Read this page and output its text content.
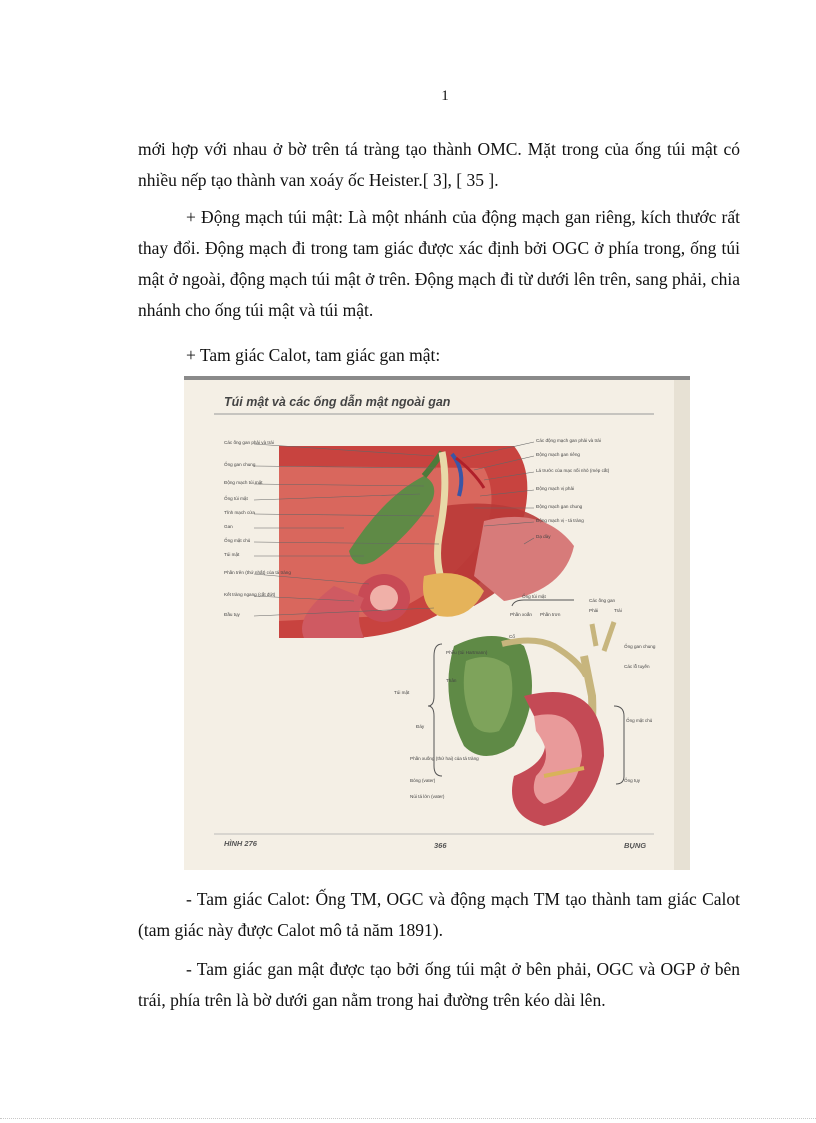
1

mới hợp với nhau ở bờ trên tá tràng tạo thành OMC. Mặt trong của ống túi mật có nhiều nếp tạo thành van xoáy ốc Heister.[ 3], [ 35 ].

+ Động mạch túi mật: Là một nhánh của động mạch gan riêng, kích thước rất thay đổi. Động mạch đi trong tam giác được xác định bởi OGC ở phía trong, ống túi mật ở ngoài, động mạch túi mật ở trên. Động mạch đi từ dưới lên trên, sang phải, chia nhánh cho ống túi mật và túi mật.

+ Tam giác Calot, tam giác gan mật:

Túi mật và các ống dẫn mật ngoài gan
Các ống gan phải và trái
Ống gan chung
Động mạch túi mật
Ống túi mật
Tĩnh mạch cửa
Gan
Ống mật chủ
Túi mật
Phần trên (thứ nhất) của tá tràng
Kết tràng ngang (cắt đứt)
Đầu tụy
Các động mạch gan phải và trái
Động mạch gan riêng
Lá trước của mạc nối nhỏ (mép cắt)
Động mạch vị phải
Động mạch gan chung
Động mạch vị - tá tràng
Dạ dày
Các ống gan
Phải	Trái
Ống túi mật
Phần xoắn Phần trơn
Cổ
Phễu (túi Hartmann)
Ống gan chung
Các lỗ tuyến
Túi mật
Thân
Đáy
Ống mật chủ
Phần xuống (thứ hai) của tá tràng
Bóng (vater)
Núi tá lớn (vater)
Ống tụy
HÌNH 276	366	BỤNG

- Tam giác Calot: Ống TM, OGC và động mạch TM tạo thành tam giác Calot (tam giác này được Calot mô tả năm 1891).

- Tam giác gan mật được tạo bởi ống túi mật ở bên phải, OGC và OGP ở bên trái, phía trên là bờ dưới gan nằm trong hai đường trên kéo dài lên.
